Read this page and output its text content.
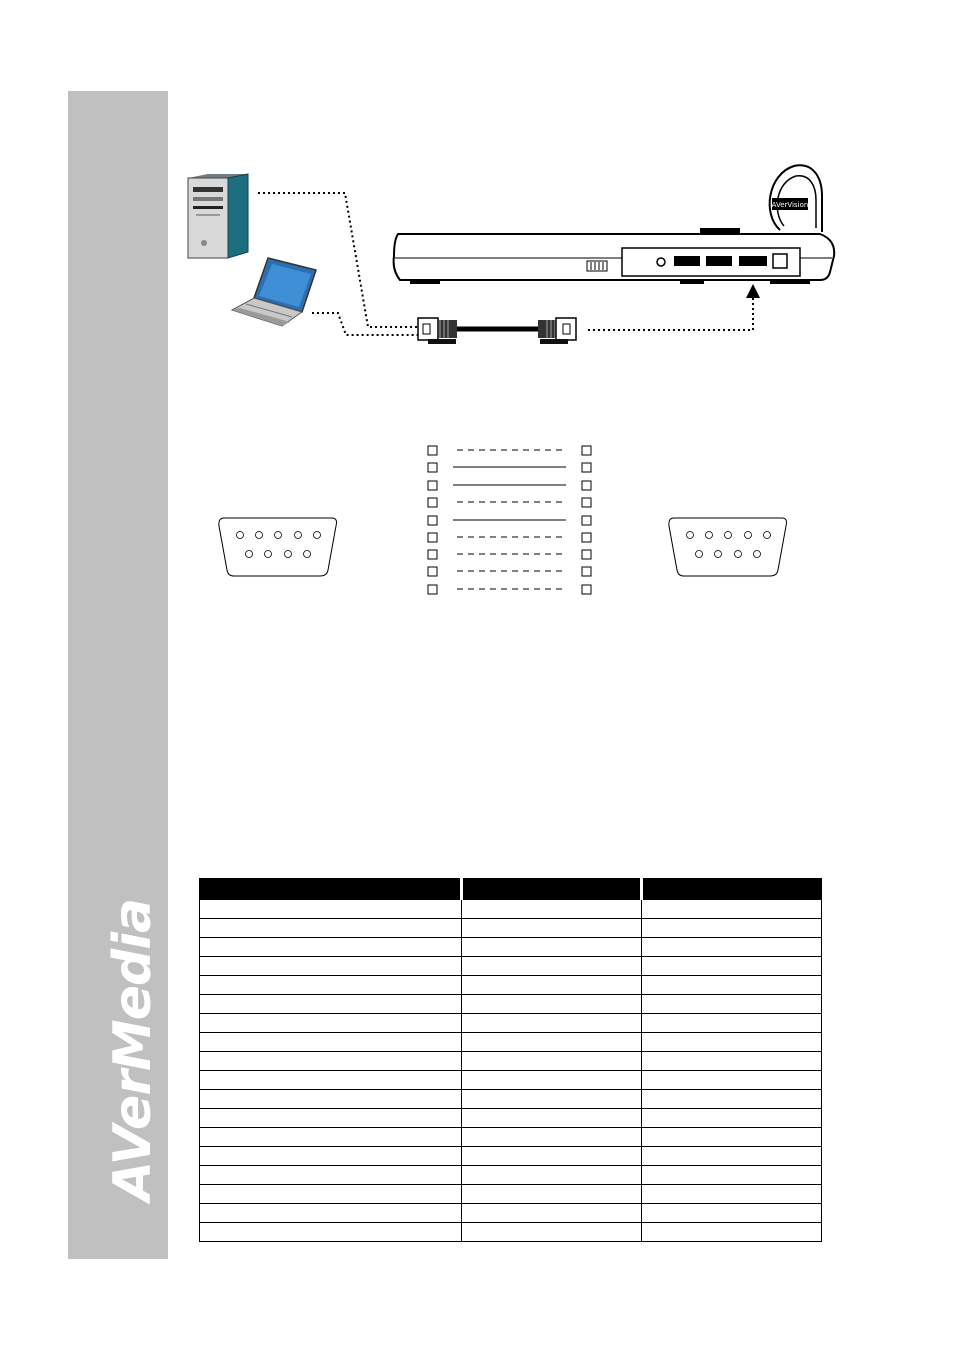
AVerMedia
AVerVision
